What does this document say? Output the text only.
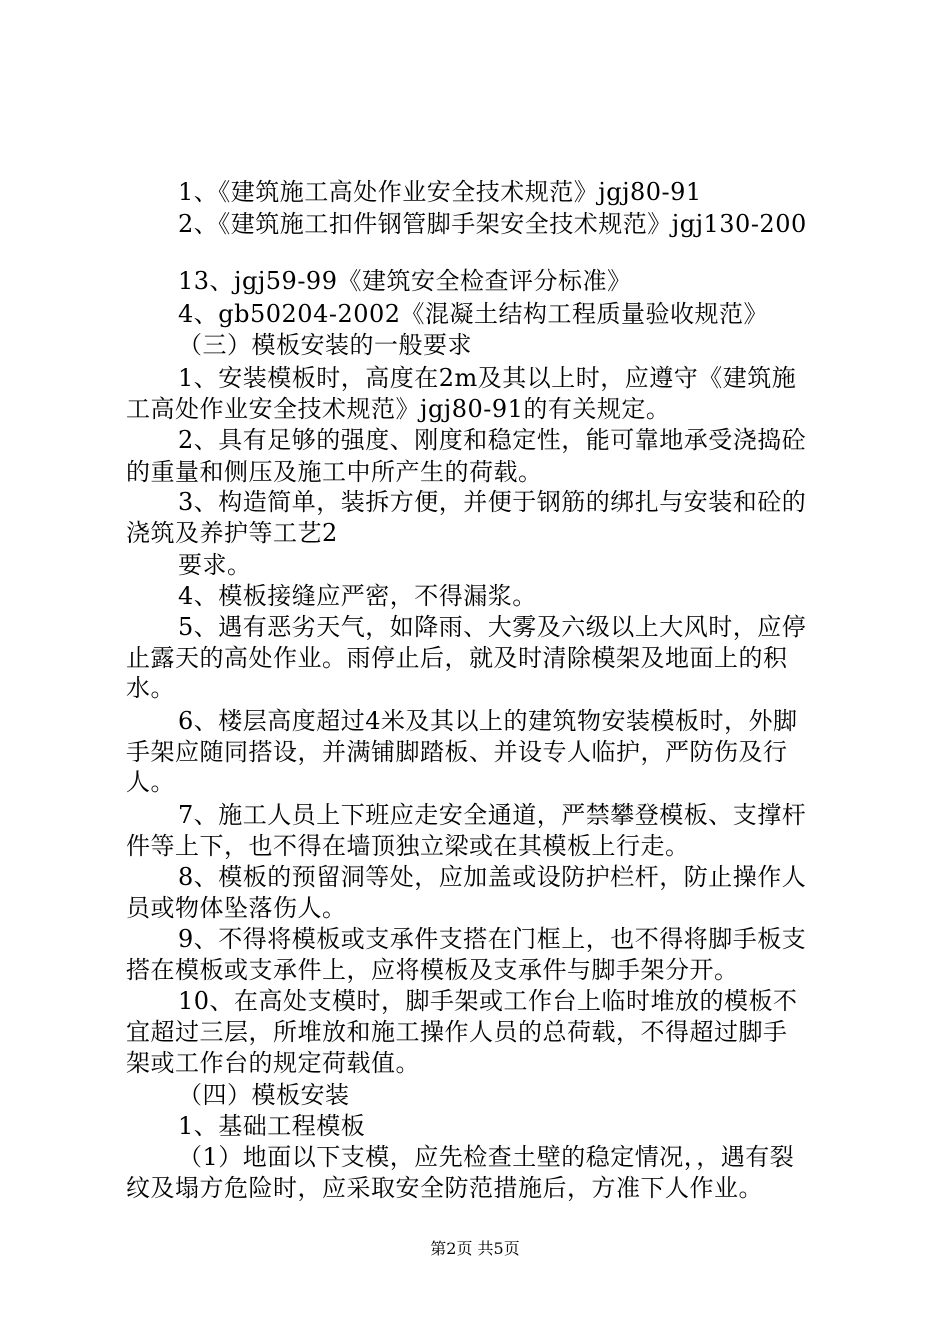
1、《建筑施工高处作业安全技术规范》jgj80-91
2、《建筑施工扣件钢管脚手架安全技术规范》jgj130-200
13、jgj59-99《建筑安全检查评分标准》
4、gb50204-2002《混凝土结构工程质量验收规范》
（三）模板安装的一般要求
1、安装模板时，高度在2m及其以上时，应遵守《建筑施
工高处作业安全技术规范》jgj80-91的有关规定。
2、具有足够的强度、刚度和稳定性，能可靠地承受浇捣砼
的重量和侧压及施工中所产生的荷载。
3、构造简单，装拆方便，并便于钢筋的绑扎与安装和砼的
浇筑及养护等工艺2
要求。
4、模板接缝应严密，不得漏浆。
5、遇有恶劣天气，如降雨、大雾及六级以上大风时，应停
止露天的高处作业。雨停止后，就及时清除模架及地面上的积
水。
6、楼层高度超过4米及其以上的建筑物安装模板时，外脚
手架应随同搭设，并满铺脚踏板、并设专人临护，严防伤及行
人。
7、施工人员上下班应走安全通道，严禁攀登模板、支撑杆
件等上下，也不得在墙顶独立梁或在其模板上行走。
8、模板的预留洞等处，应加盖或设防护栏杆，防止操作人
员或物体坠落伤人。
9、不得将模板或支承件支搭在门框上，也不得将脚手板支
搭在模板或支承件上，应将模板及支承件与脚手架分开。
10、在高处支模时，脚手架或工作台上临时堆放的模板不
宜超过三层，所堆放和施工操作人员的总荷载，不得超过脚手
架或工作台的规定荷载值。
（四）模板安装
1、基础工程模板
（1）地面以下支模，应先检查土壁的稳定情况，，遇有裂
纹及塌方危险时，应采取安全防范措施后，方准下人作业。
第2页 共5页
